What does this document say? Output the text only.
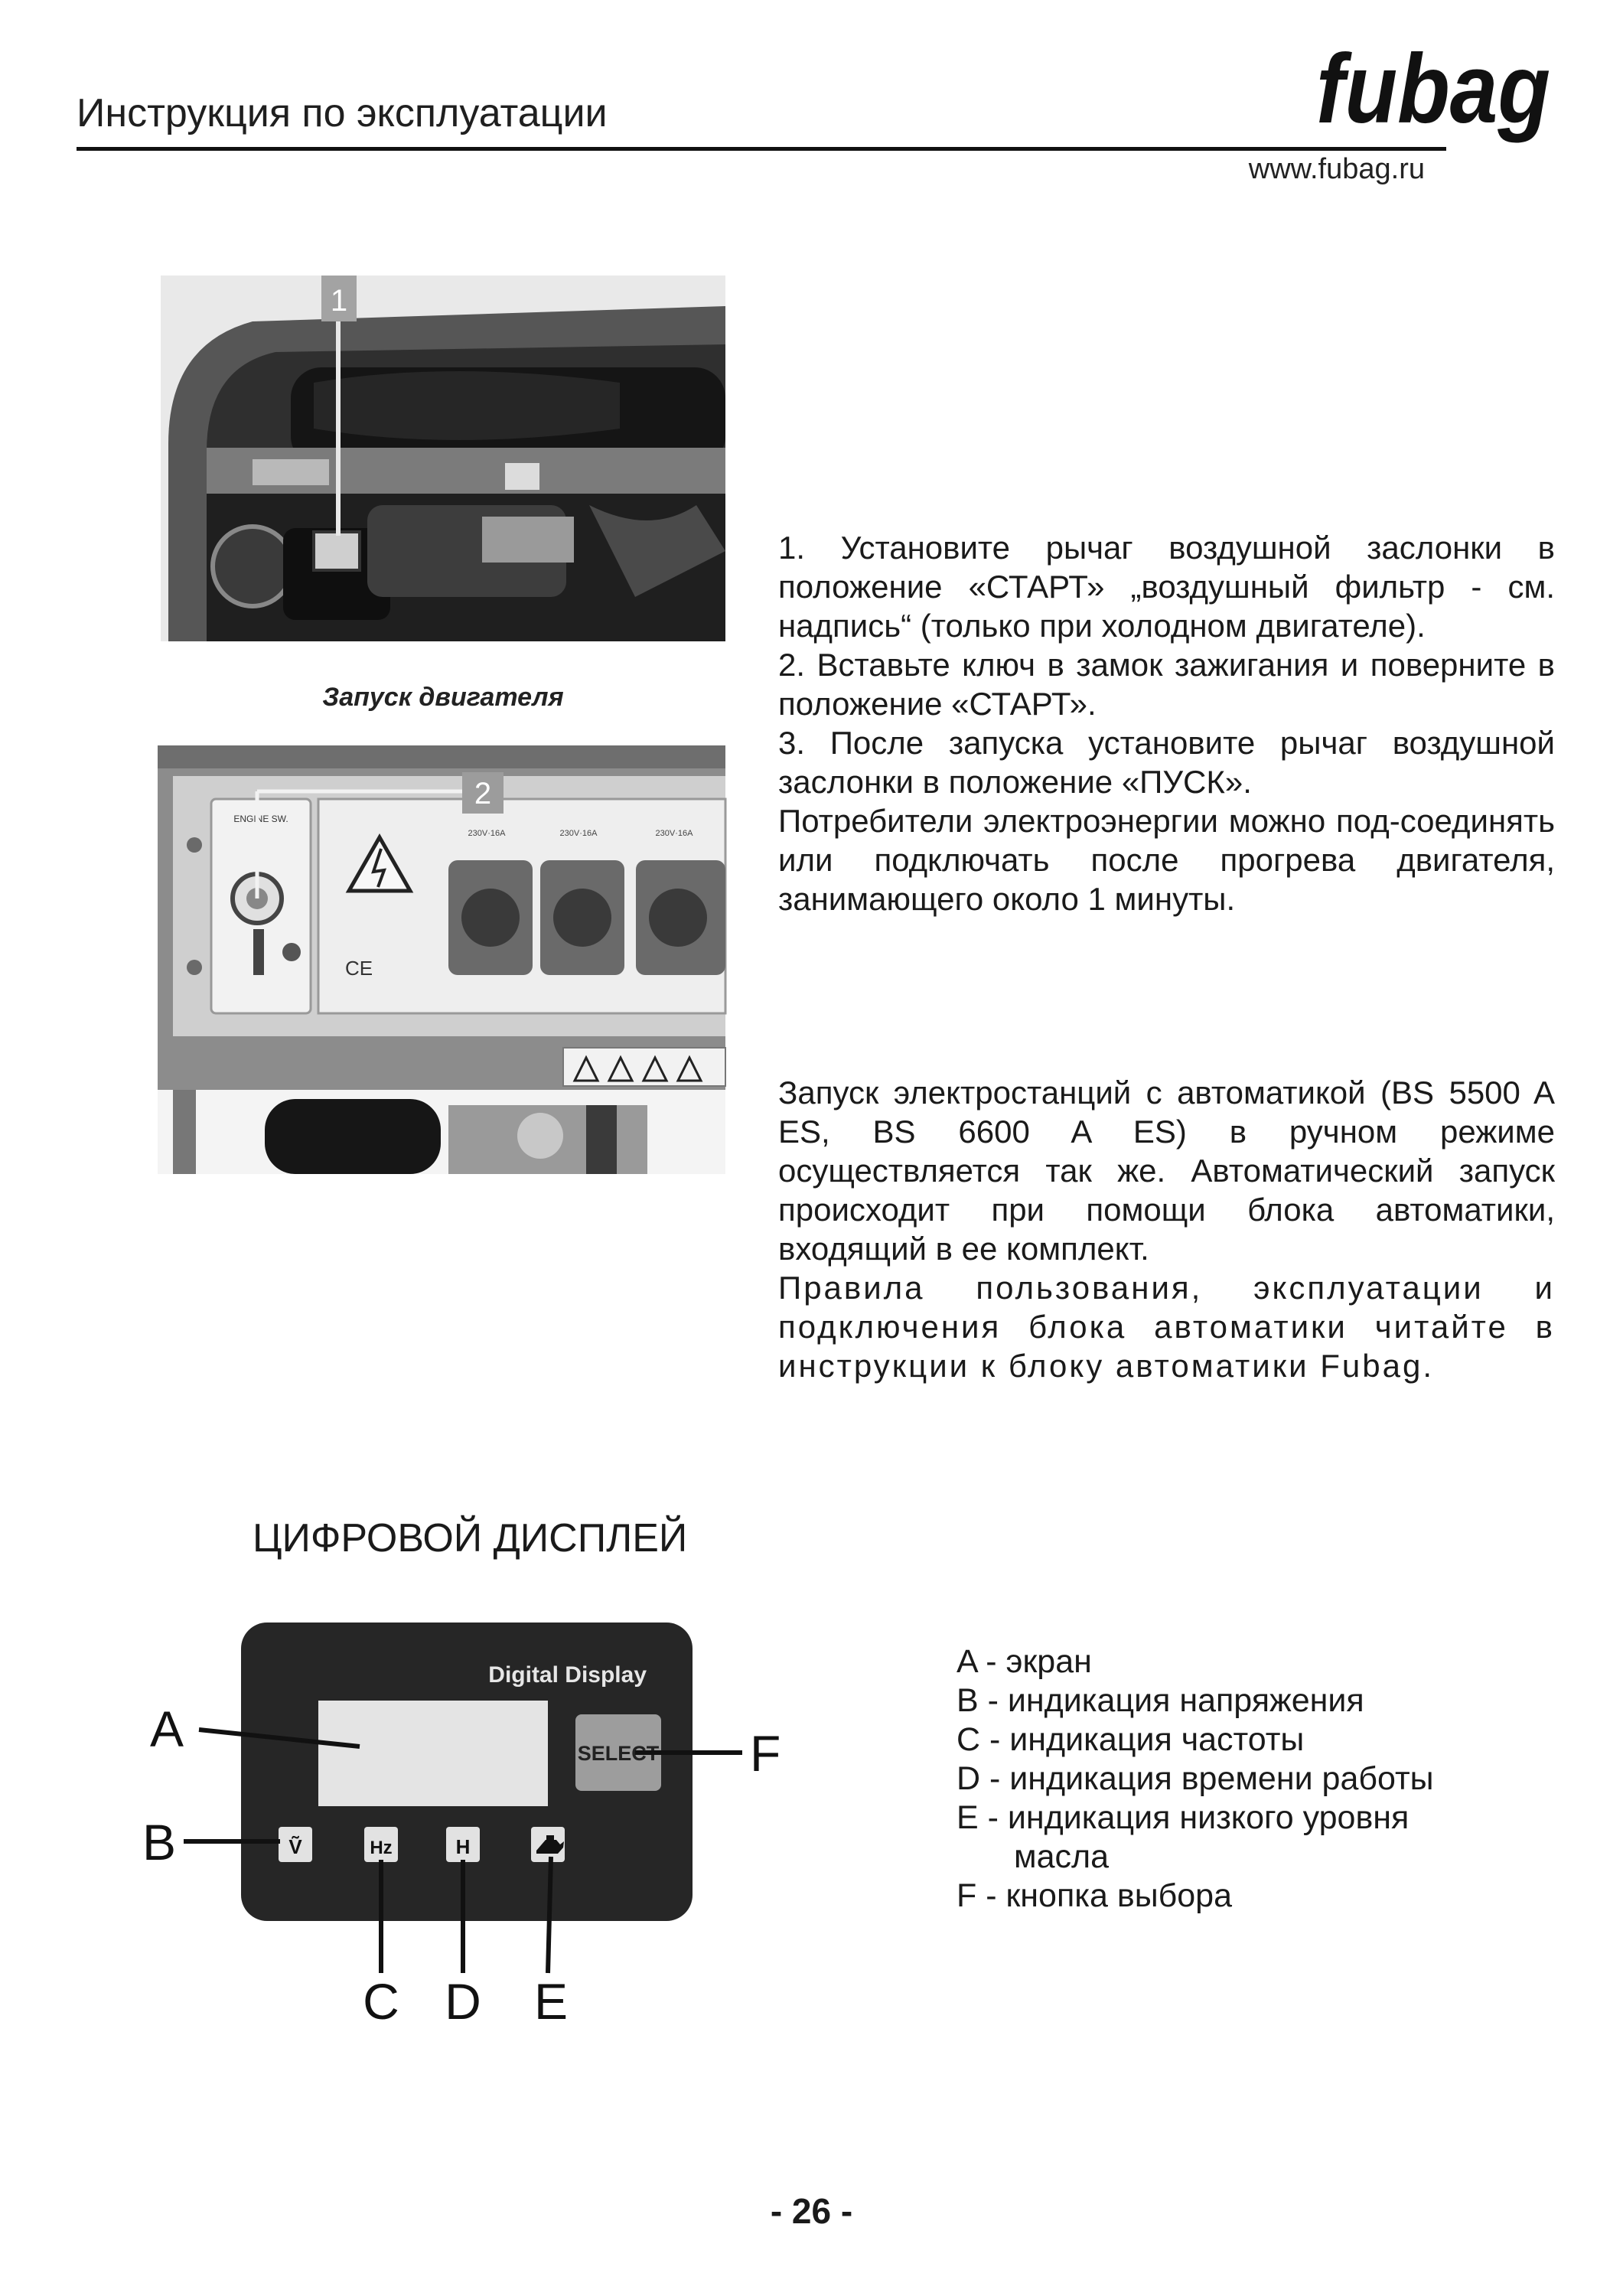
Инструкция по эксплуатации	fubag
www.fubag.ru
1
Запуск двигателя
ENGINE SW.
CE
230V·16A	230V·16A	230V·16A
2

1. Установите рычаг воздушной заслонки в положение «СТАРТ» „воздушный фильтр - см. надпись“ (только при холодном двигателе).

2. Вставьте ключ в замок зажигания и поверните в положение «СТАРТ».

3. После запуска установите рычаг воздушной заслонки в положение «ПУСК».

Потребители электроэнергии можно под-соединять или подключать после прогрева двигателя, занимающего около 1 минуты.

Запуск электростанций с автоматикой (BS 5500 A ES, BS 6600 A ES) в ручном режиме осуществляется так же. Автоматический запуск происходит при помощи блока автоматики, входящий в ее комплект.

Правила пользования, эксплуатации и подключения блока автоматики читайте в инструкции к блоку автоматики Fubag.

ЦИФРОВОЙ ДИСПЛЕЙ
Digital Display
SELECT
Ṽ	Hz	H
A
B
C D E
F
A - экран
B - индикация напряжения
C - индикация частоты
D - индикация времени работы
E - индикация низкого уровня
масла
F - кнопка выбора
- 26 -
